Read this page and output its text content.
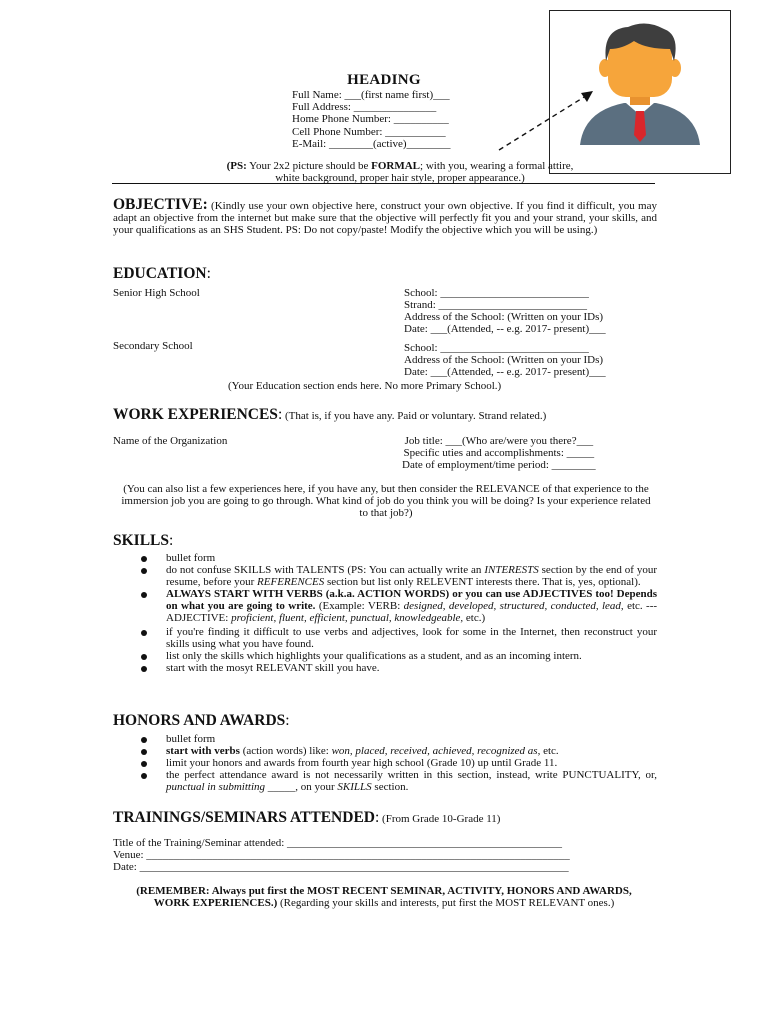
HEADING
Full Name: ___(first name first)___
Full Address: _______________
Home Phone Number: __________
Cell Phone Number: ___________
E-Mail: ________(active)________
(PS: Your 2x2 picture should be FORMAL; with you, wearing a formal attire,
white background, proper hair style, proper appearance.)
OBJECTIVE: (Kindly use your own objective here, construct your own objective. If you find it difficult, you may adapt an objective from the internet but make sure that the objective will perfectly fit you and your strand, your skills, and your qualifications as an SHS Student. PS: Do not copy/paste! Modify the objective which you will be using.)
EDUCATION:
Senior High School	School: ___________________________
Strand: ___________________________
Address of the School: (Written on your IDs)
Date: ___(Attended, -- e.g. 2017- present)___
Secondary School	School: ___________________________
Address of the School: (Written on your IDs)
Date: ___(Attended, -- e.g. 2017- present)___
(Your Education section ends here. No more Primary School.)
WORK EXPERIENCES: (That is, if you have any. Paid or voluntary. Strand related.)
Name of the Organization	Job title: ___(Who are/were you there?___
Specific uties and accomplishments: _____
Date of employment/time period: ________
(You can also list a few experiences here, if you have any, but then consider the RELEVANCE of that experience to the immersion job you are going to go through. What kind of job do you think you will be doing? Is your experience related to that job?)
SKILLS:
bullet form
do not confuse SKILLS with TALENTS (PS: You can actually write an INTERESTS section by the end of your resume, before your REFERENCES section but list only RELEVENT interests there. That is, yes, optional).
ALWAYS START WITH VERBS (a.k.a. ACTION WORDS) or you can use ADJECTIVES too! Depends on what you are going to write. (Example: VERB: designed, developed, structured, conducted, lead, etc. --- ADJECTIVE: proficient, fluent, efficient, punctual, knowledgeable, etc.)
if you're finding it difficult to use verbs and adjectives, look for some in the Internet, then reconstruct your skills using what you have found.
list only the skills which highlights your qualifications as a student, and as an incoming intern.
start with the mosyt RELEVANT skill you have.
HONORS AND AWARDS:
bullet form
start with verbs (action words) like: won, placed, received, achieved, recognized as, etc.
limit your honors and awards from fourth year high school (Grade 10) up until Grade 11.
the perfect attendance award is not necessarily written in this section, instead, write PUNCTUALITY, or, punctual in submitting _____, on your SKILLS section.
TRAININGS/SEMINARS ATTENDED: (From Grade 10-Grade 11)
Title of the Training/Seminar attended: __________________________________________________
Venue: _____________________________________________________________________________
Date: ______________________________________________________________________________
(REMEMBER: Always put first the MOST RECENT SEMINAR, ACTIVITY, HONORS AND AWARDS, WORK EXPERIENCES.) (Regarding your skills and interests, put first the MOST RELEVANT ones.)
